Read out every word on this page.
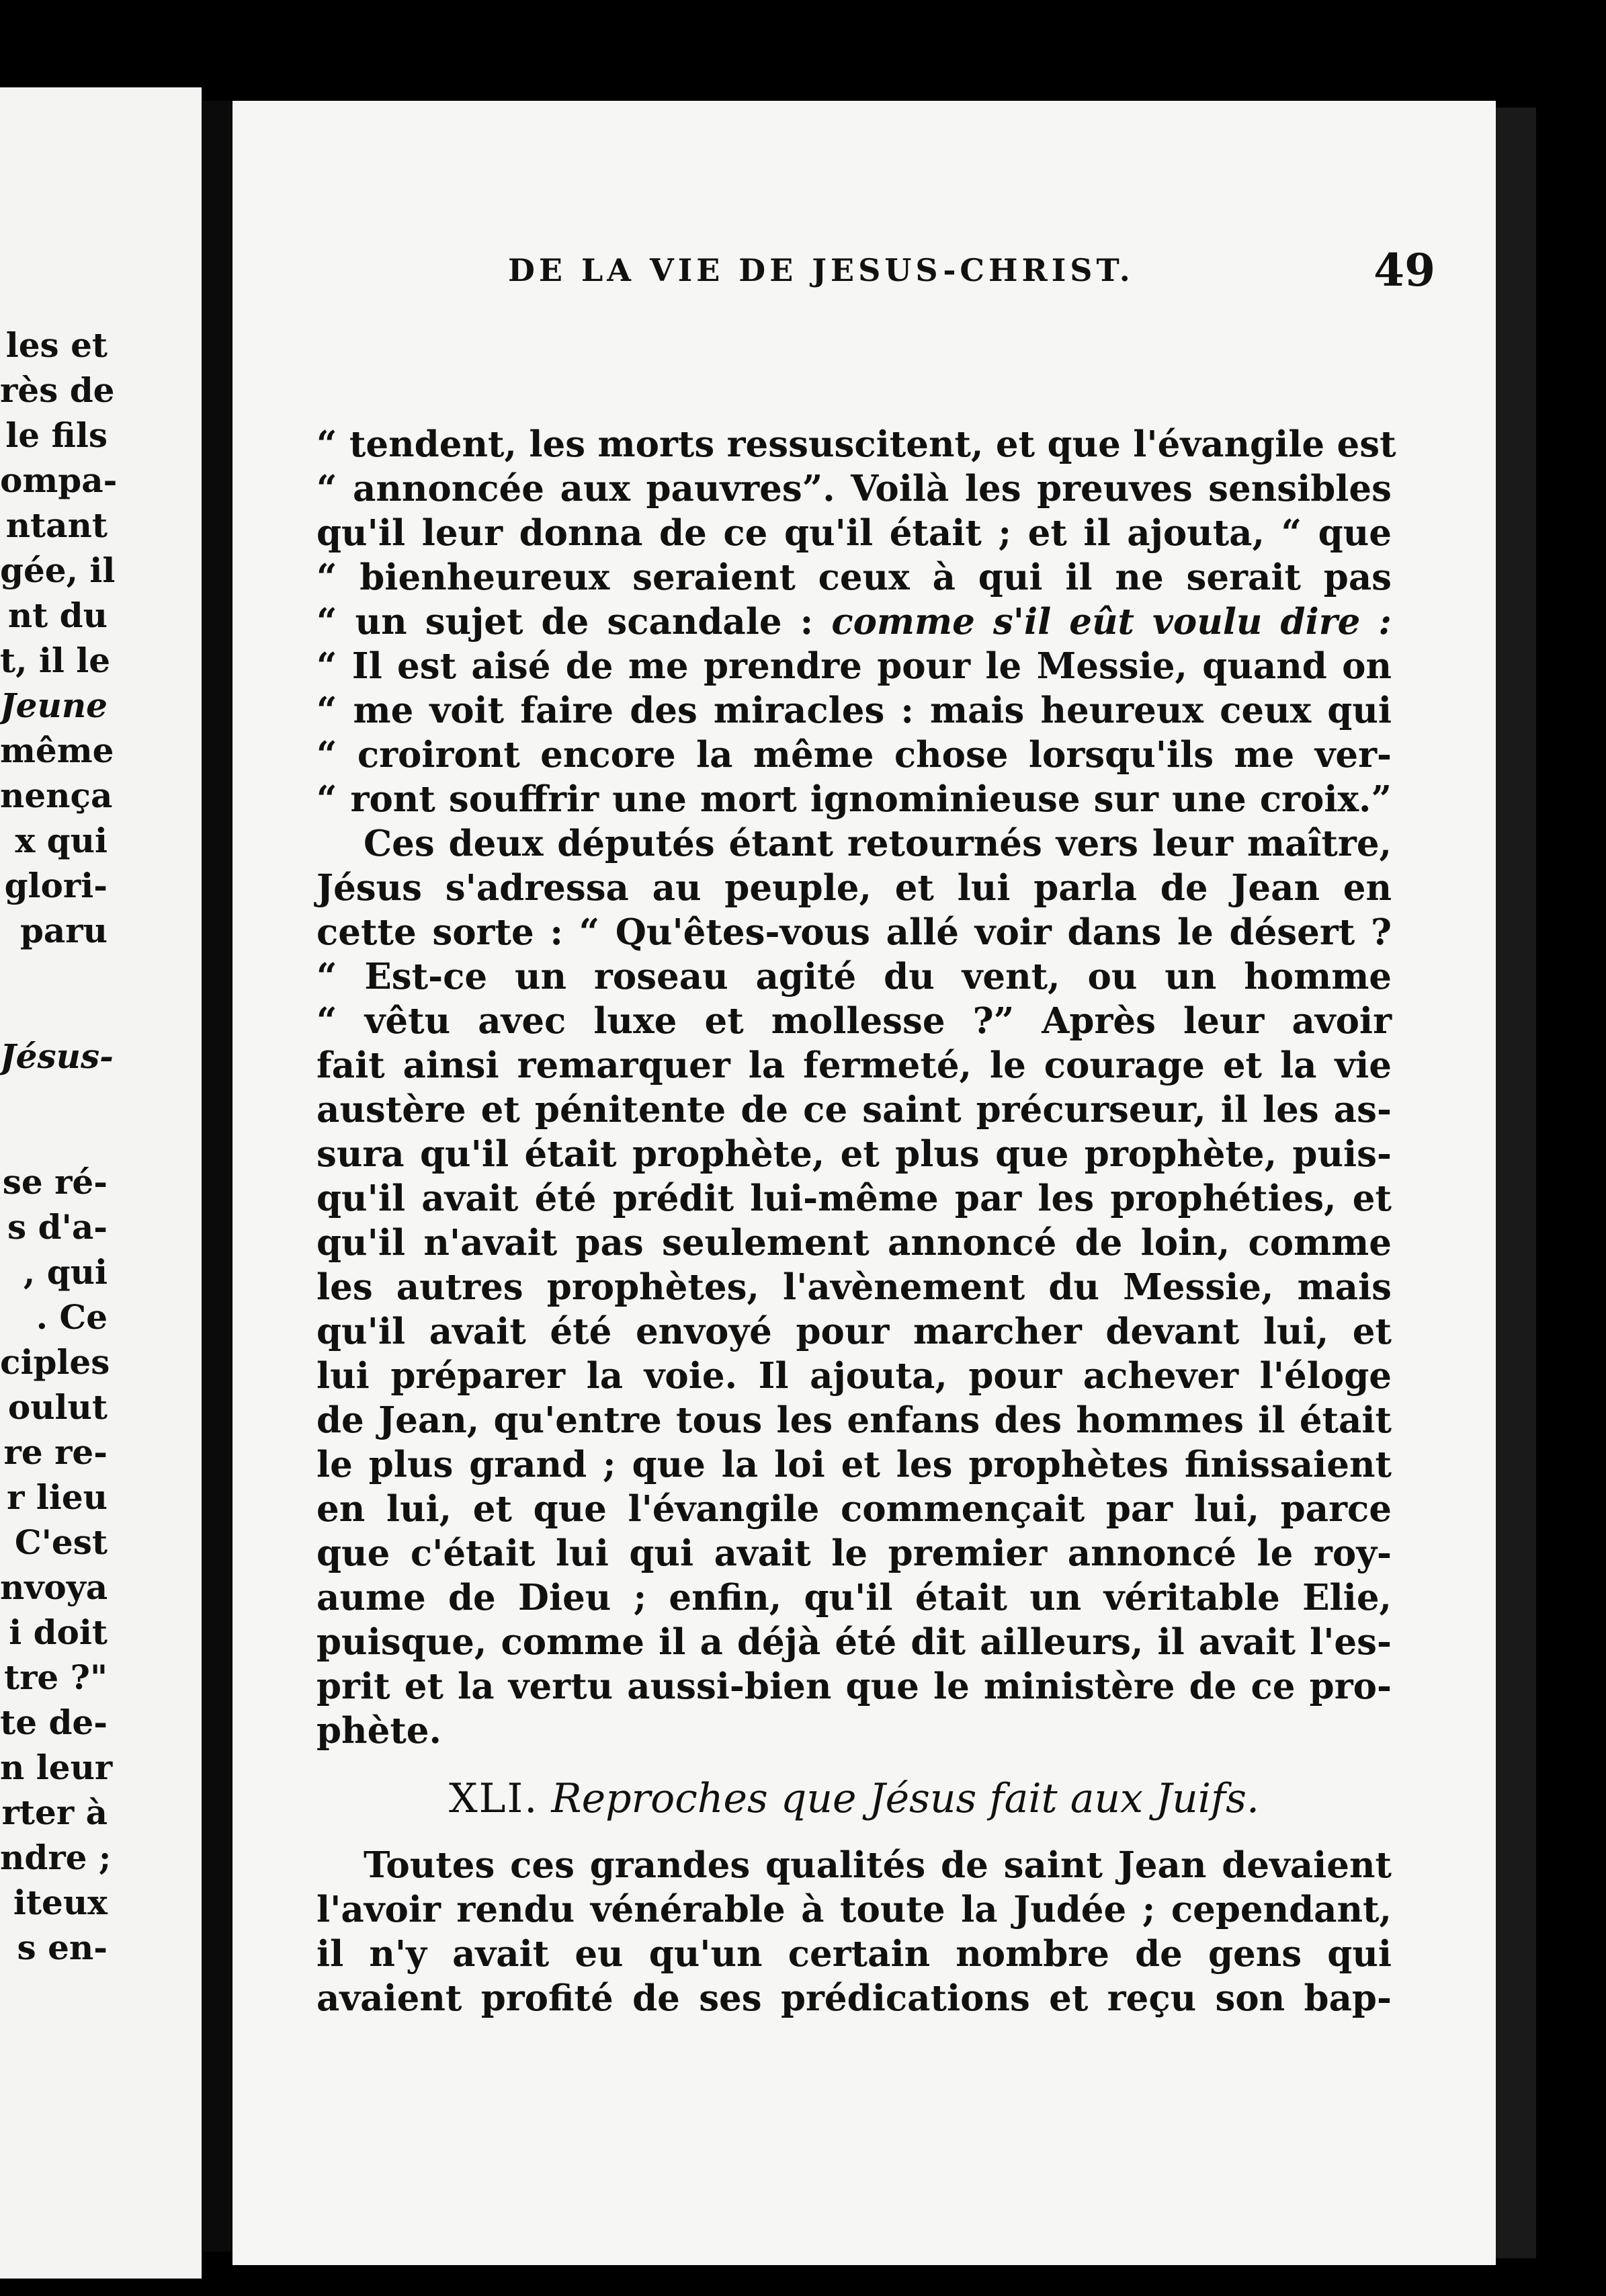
les et
rès de
le fils
ompa-
ntant
gée, il
nt du
t, il le
Jeune
même
nença
x qui
glori-
paru
Jésus-
se ré-
s d'a-
, qui
. Ce
ciples
oulut
re re-
r lieu
C'est
nvoya
i doit
tre ?"
te de-
n leur
rter à
ndre ;
iteux
s en-
DE LA VIE DE JESUS-CHRIST.	49
“ tendent, les morts ressuscitent, et que l'évangile est
“ annoncée aux pauvres”. Voilà les preuves sensibles
qu'il leur donna de ce qu'il était ; et il ajouta, “ que
“ bienheureux seraient ceux à qui il ne serait pas
“ un sujet de scandale : comme s'il eût voulu dire :
“ Il est aisé de me prendre pour le Messie, quand on
“ me voit faire des miracles : mais heureux ceux qui
“ croiront encore la même chose lorsqu'ils me ver-
“ ront souffrir une mort ignominieuse sur une croix.”
Ces deux députés étant retournés vers leur maître,
Jésus s'adressa au peuple, et lui parla de Jean en
cette sorte : “ Qu'êtes-vous allé voir dans le désert ?
“ Est-ce un roseau agité du vent, ou un homme
“ vêtu avec luxe et mollesse ?” Après leur avoir
fait ainsi remarquer la fermeté, le courage et la vie
austère et pénitente de ce saint précurseur, il les as-
sura qu'il était prophète, et plus que prophète, puis-
qu'il avait été prédit lui-même par les prophéties, et
qu'il n'avait pas seulement annoncé de loin, comme
les autres prophètes, l'avènement du Messie, mais
qu'il avait été envoyé pour marcher devant lui, et
lui préparer la voie. Il ajouta, pour achever l'éloge
de Jean, qu'entre tous les enfans des hommes il était
le plus grand ; que la loi et les prophètes finissaient
en lui, et que l'évangile commençait par lui, parce
que c'était lui qui avait le premier annoncé le roy-
aume de Dieu ; enfin, qu'il était un véritable Elie,
puisque, comme il a déjà été dit ailleurs, il avait l'es-
prit et la vertu aussi-bien que le ministère de ce pro-
phète.
XLI. Reproches que Jésus fait aux Juifs.
Toutes ces grandes qualités de saint Jean devaient
l'avoir rendu vénérable à toute la Judée ; cependant,
il n'y avait eu qu'un certain nombre de gens qui
avaient profité de ses prédications et reçu son bap-
